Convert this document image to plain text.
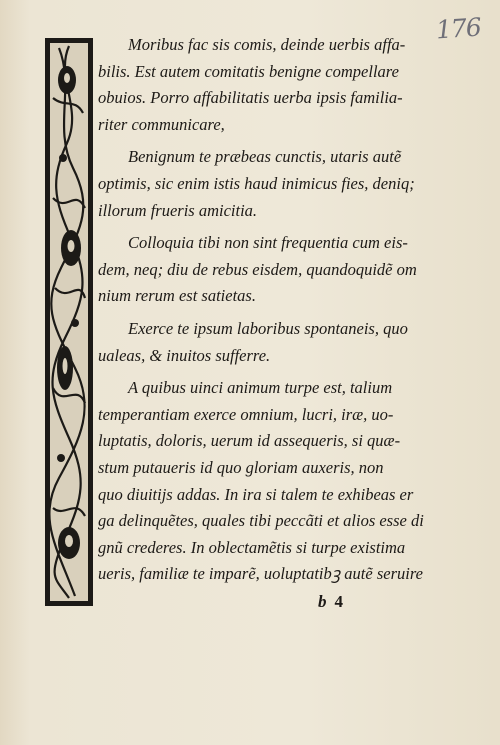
176
Moribus fac sis comis, deinde uerbis affa-
bilis. Est autem comitatis benigne compellare
obuios. Porro affabilitatis uerba ipsis familia-
riter communicare,
Benignum te præbeas cunctis, utaris autẽ
optimis, sic enim istis haud inimicus fies, deniq;
illorum frueris amicitia.
Colloquia tibi non sint frequentia cum eis-
dem, neq; diu de rebus eisdem, quandoquidẽ om
nium rerum est satietas.
Exerce te ipsum laboribus spontaneis, quo
ualeas, & inuitos sufferre.
A quibus uinci animum turpe est, talium
temperantiam exerce omnium, lucri, iræ, uo-
luptatis, doloris, uerum id assequeris, si quæ-
stum putaueris id quo gloriam auxeris, non
quo diuitijs addas. In ira si talem te exhibeas er
ga delinquẽtes, quales tibi peccãti et alios esse di
gnũ crederes. In oblectamẽtis si turpe existima
ueris, familiæ te imparẽ, uoluptatibꝫ autẽ seruire
b 4
